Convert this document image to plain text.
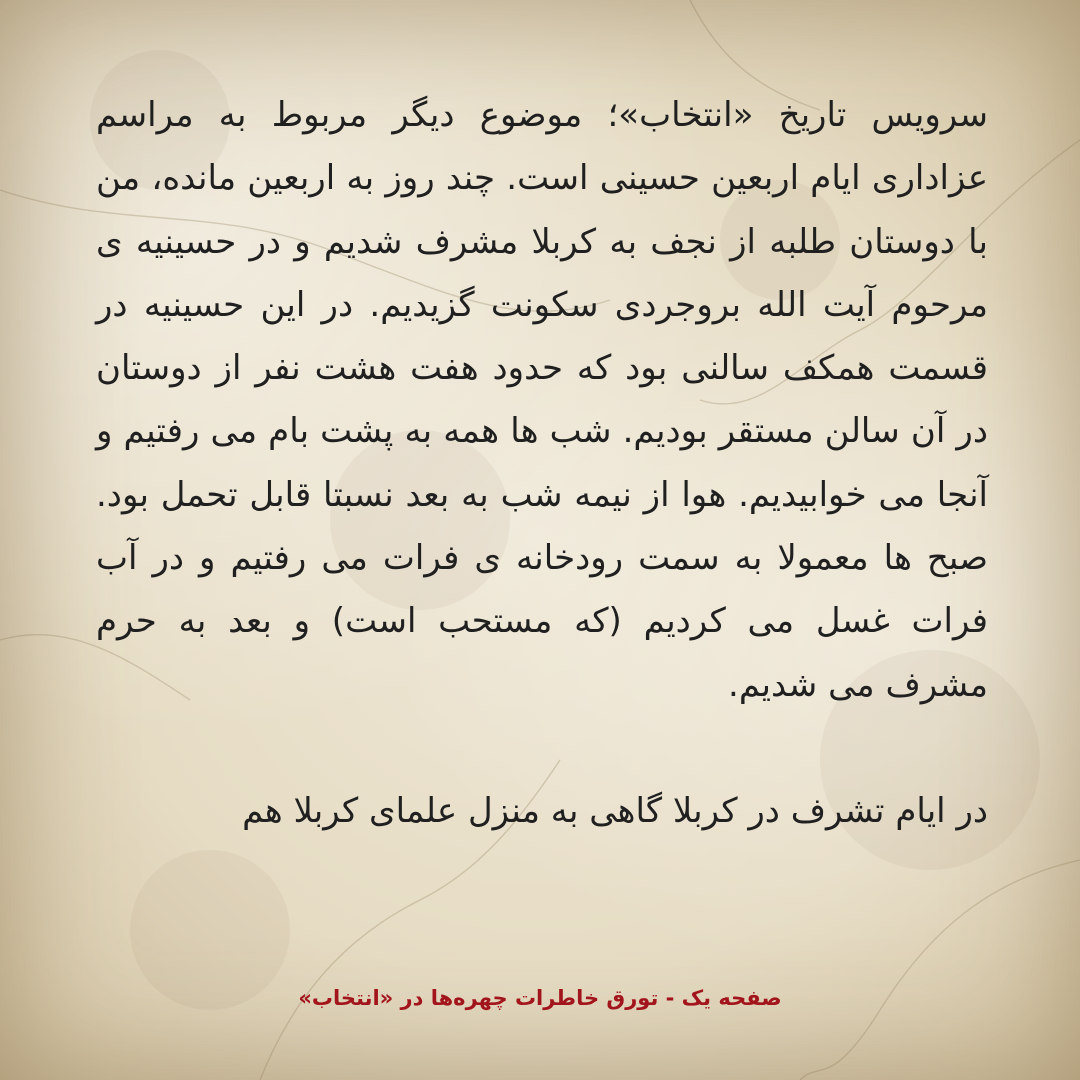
سرویس تاریخ «انتخاب»؛ موضوع دیگر مربوط به مراسم عزاداری ایام اربعین حسینی است. چند روز به اربعین مانده، من با دوستان طلبه از نجف به کربلا مشرف شدیم و در حسینیه ی مرحوم آیت الله بروجردی سکونت گزیدیم. در این حسینیه در قسمت همکف سالنی بود که حدود هفت هشت نفر از دوستان در آن سالن مستقر بودیم. شب ها همه به پشت بام می رفتیم و آنجا می خوابیدیم. هوا از نیمه شب به بعد نسبتا قابل تحمل بود. صبح ها معمولا به سمت رودخانه ی فرات می رفتیم و در آب فرات غسل می کردیم (که مستحب است) و بعد به حرم مشرف می شدیم.

در ایام تشرف در کربلا گاهی به منزل علمای کربلا هم

صفحه یک - تورق خاطرات چهره‌ها در «انتخاب»
